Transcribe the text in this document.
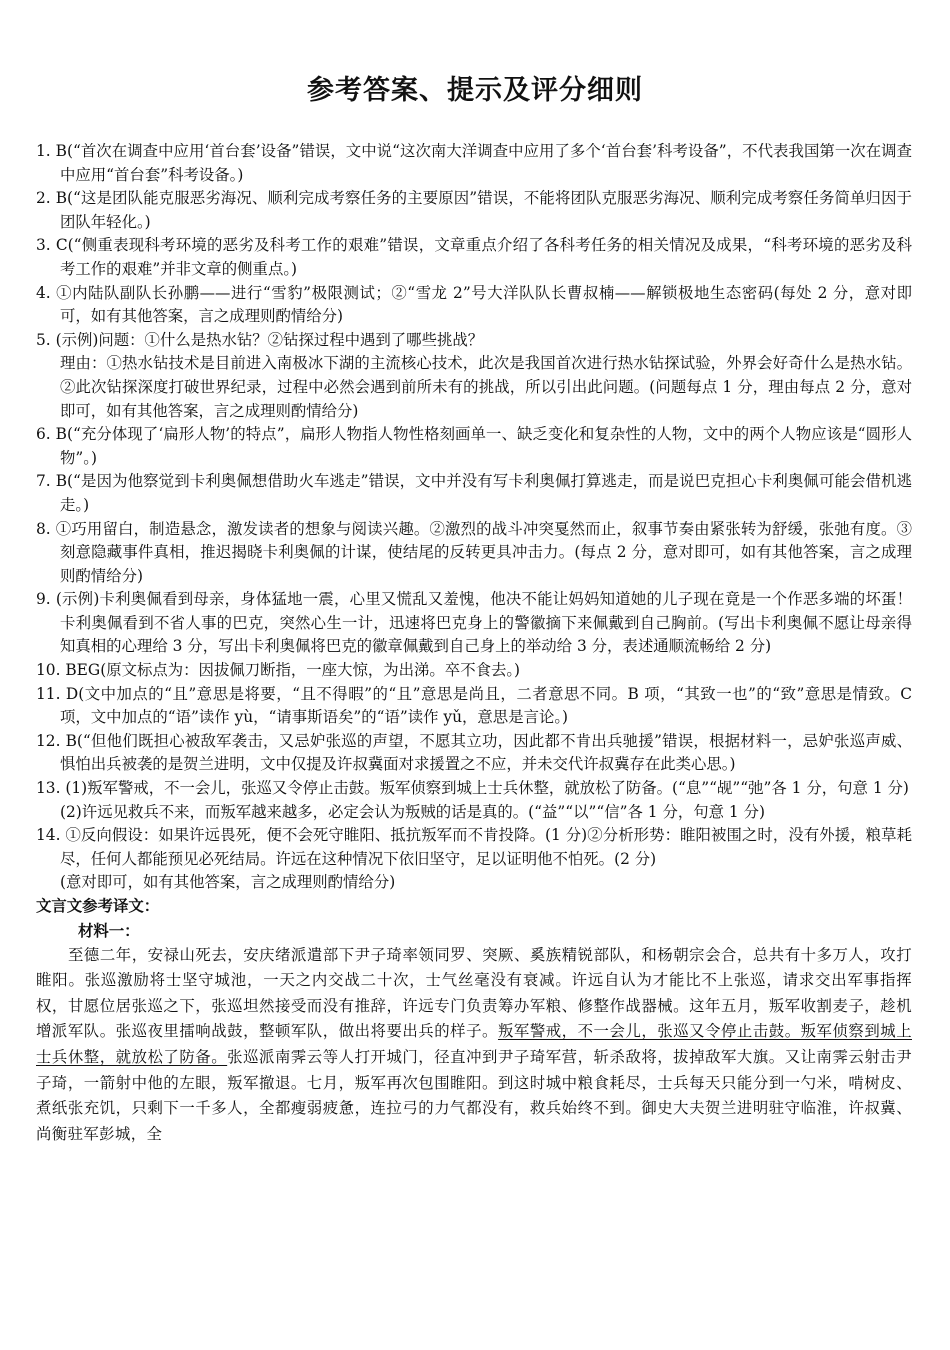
参考答案、提示及评分细则
1. B(“首次在调查中应用‘首台套’设备”错误，文中说“这次南大洋调查中应用了多个‘首台套’科考设备”，不代表我国第一次在调查中应用“首台套”科考设备。)
2. B(“这是团队能克服恶劣海况、顺利完成考察任务的主要原因”错误，不能将团队克服恶劣海况、顺利完成考察任务简单归因于团队年轻化。)
3. C(“侧重表现科考环境的恶劣及科考工作的艰难”错误，文章重点介绍了各科考任务的相关情况及成果，“科考环境的恶劣及科考工作的艰难”并非文章的侧重点。)
4. ①内陆队副队长孙鹏——进行“雪豹”极限测试；②“雪龙 2”号大洋队队长曹叔楠——解锁极地生态密码(每处 2 分，意对即可，如有其他答案，言之成理则酌情给分)
5. (示例)问题：①什么是热水钻？②钻探过程中遇到了哪些挑战？
理由：①热水钻技术是目前进入南极冰下湖的主流核心技术，此次是我国首次进行热水钻探试验，外界会好奇什么是热水钻。②此次钻探深度打破世界纪录，过程中必然会遇到前所未有的挑战，所以引出此问题。(问题每点 1 分，理由每点 2 分，意对即可，如有其他答案，言之成理则酌情给分)
6. B(“充分体现了‘扁形人物’的特点”，扁形人物指人物性格刻画单一、缺乏变化和复杂性的人物，文中的两个人物应该是“圆形人物”。)
7. B(“是因为他察觉到卡利奥佩想借助火车逃走”错误，文中并没有写卡利奥佩打算逃走，而是说巴克担心卡利奥佩可能会借机逃走。)
8. ①巧用留白，制造悬念，激发读者的想象与阅读兴趣。②激烈的战斗冲突戛然而止，叙事节奏由紧张转为舒缓，张弛有度。③刻意隐藏事件真相，推迟揭晓卡利奥佩的计谋，使结尾的反转更具冲击力。(每点 2 分，意对即可，如有其他答案，言之成理则酌情给分)
9. (示例)卡利奥佩看到母亲，身体猛地一震，心里又慌乱又羞愧，他决不能让妈妈知道她的儿子现在竟是一个作恶多端的坏蛋！卡利奥佩看到不省人事的巴克，突然心生一计，迅速将巴克身上的警徽摘下来佩戴到自己胸前。(写出卡利奥佩不愿让母亲得知真相的心理给 3 分，写出卡利奥佩将巴克的徽章佩戴到自己身上的举动给 3 分，表述通顺流畅给 2 分)
10. BEG(原文标点为：因拔佩刀断指，一座大惊，为出涕。卒不食去。)
11. D(文中加点的“且”意思是将要，“且不得暇”的“且”意思是尚且，二者意思不同。B 项，“其致一也”的“致”意思是情致。C 项，文中加点的“语”读作 yù，“请事斯语矣”的“语”读作 yǔ，意思是言论。)
12. B(“但他们既担心被敌军袭击，又忌妒张巡的声望，不愿其立功，因此都不肯出兵驰援”错误，根据材料一，忌妒张巡声威、惧怕出兵被袭的是贺兰进明，文中仅提及许叔冀面对求援置之不应，并未交代许叔冀存在此类心思。)
13. (1)叛军警戒，不一会儿，张巡又令停止击鼓。叛军侦察到城上士兵休整，就放松了防备。(“息”“觇”“弛”各 1 分，句意 1 分)
(2)许远见救兵不来，而叛军越来越多，必定会认为叛贼的话是真的。(“益”“以”“信”各 1 分，句意 1 分)
14. ①反向假设：如果许远畏死，便不会死守睢阳、抵抗叛军而不肯投降。(1 分)②分析形势：睢阳被围之时，没有外援，粮草耗尽，任何人都能预见必死结局。许远在这种情况下依旧坚守，足以证明他不怕死。(2 分)
(意对即可，如有其他答案，言之成理则酌情给分)
文言文参考译文：
材料一：
至德二年，安禄山死去，安庆绪派遣部下尹子琦率领同罗、突厥、奚族精锐部队，和杨朝宗会合，总共有十多万人，攻打睢阳。张巡激励将士坚守城池，一天之内交战二十次，士气丝毫没有衰减。许远自认为才能比不上张巡，请求交出军事指挥权，甘愿位居张巡之下，张巡坦然接受而没有推辞，许远专门负责筹办军粮、修整作战器械。这年五月，叛军收割麦子，趁机增派军队。张巡夜里擂响战鼓，整顿军队，做出将要出兵的样子。叛军警戒，不一会儿，张巡又令停止击鼓。叛军侦察到城上士兵休整，就放松了防备。张巡派南霁云等人打开城门，径直冲到尹子琦军营，斩杀敌将，拔掉敌军大旗。又让南霁云射击尹子琦，一箭射中他的左眼，叛军撤退。七月，叛军再次包围睢阳。到这时城中粮食耗尽，士兵每天只能分到一勺米，啃树皮、煮纸张充饥，只剩下一千多人，全都瘦弱疲惫，连拉弓的力气都没有，救兵始终不到。御史大夫贺兰进明驻守临淮，许叔冀、尚衡驻军彭城，全
